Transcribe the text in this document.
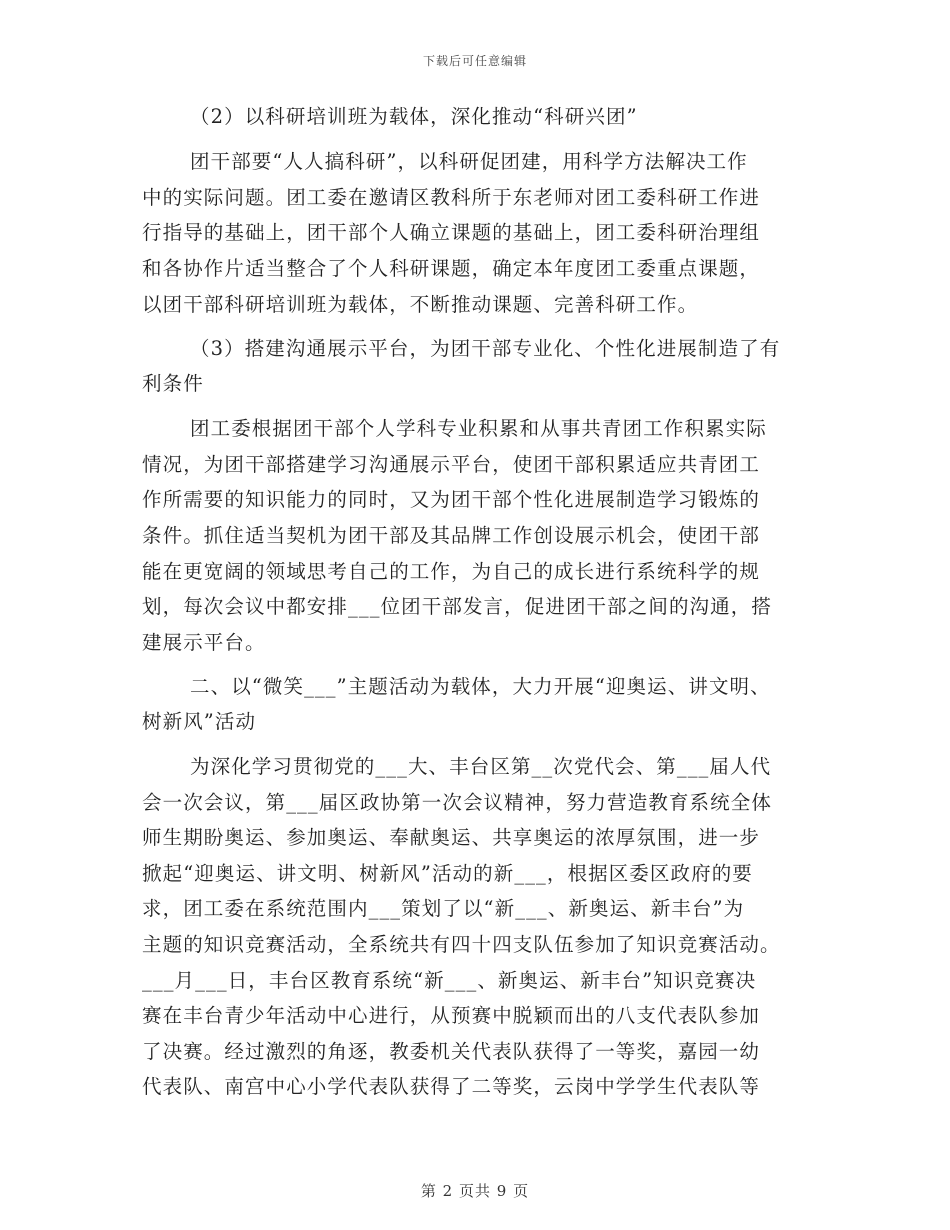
下载后可任意编辑
（2）以科研培训班为载体，深化推动“科研兴团”
团干部要“人人搞科研”，以科研促团建，用科学方法解决工作
中的实际问题。团工委在邀请区教科所于东老师对团工委科研工作进
行指导的基础上，团干部个人确立课题的基础上，团工委科研治理组
和各协作片适当整合了个人科研课题，确定本年度团工委重点课题，
以团干部科研培训班为载体，不断推动课题、完善科研工作。
（3）搭建沟通展示平台，为团干部专业化、个性化进展制造了有
利条件
团工委根据团干部个人学科专业积累和从事共青团工作积累实际
情况，为团干部搭建学习沟通展示平台，使团干部积累适应共青团工
作所需要的知识能力的同时，又为团干部个性化进展制造学习锻炼的
条件。抓住适当契机为团干部及其品牌工作创设展示机会，使团干部
能在更宽阔的领域思考自己的工作，为自己的成长进行系统科学的规
划，每次会议中都安排___位团干部发言，促进团干部之间的沟通，搭
建展示平台。
二、以“微笑___”主题活动为载体，大力开展“迎奥运、讲文明、
树新风”活动
为深化学习贯彻党的___大、丰台区第__次党代会、第___届人代
会一次会议，第___届区政协第一次会议精神，努力营造教育系统全体
师生期盼奥运、参加奥运、奉献奥运、共享奥运的浓厚氛围，进一步
掀起“迎奥运、讲文明、树新风”活动的新___，根据区委区政府的要
求，团工委在系统范围内___策划了以“新___、新奥运、新丰台”为
主题的知识竞赛活动，全系统共有四十四支队伍参加了知识竞赛活动。
___月___日，丰台区教育系统“新___、新奥运、新丰台”知识竞赛决
赛在丰台青少年活动中心进行，从预赛中脱颖而出的八支代表队参加
了决赛。经过激烈的角逐，教委机关代表队获得了一等奖，嘉园一幼
代表队、南宫中心小学代表队获得了二等奖，云岗中学学生代表队等
第 2 页共 9 页
